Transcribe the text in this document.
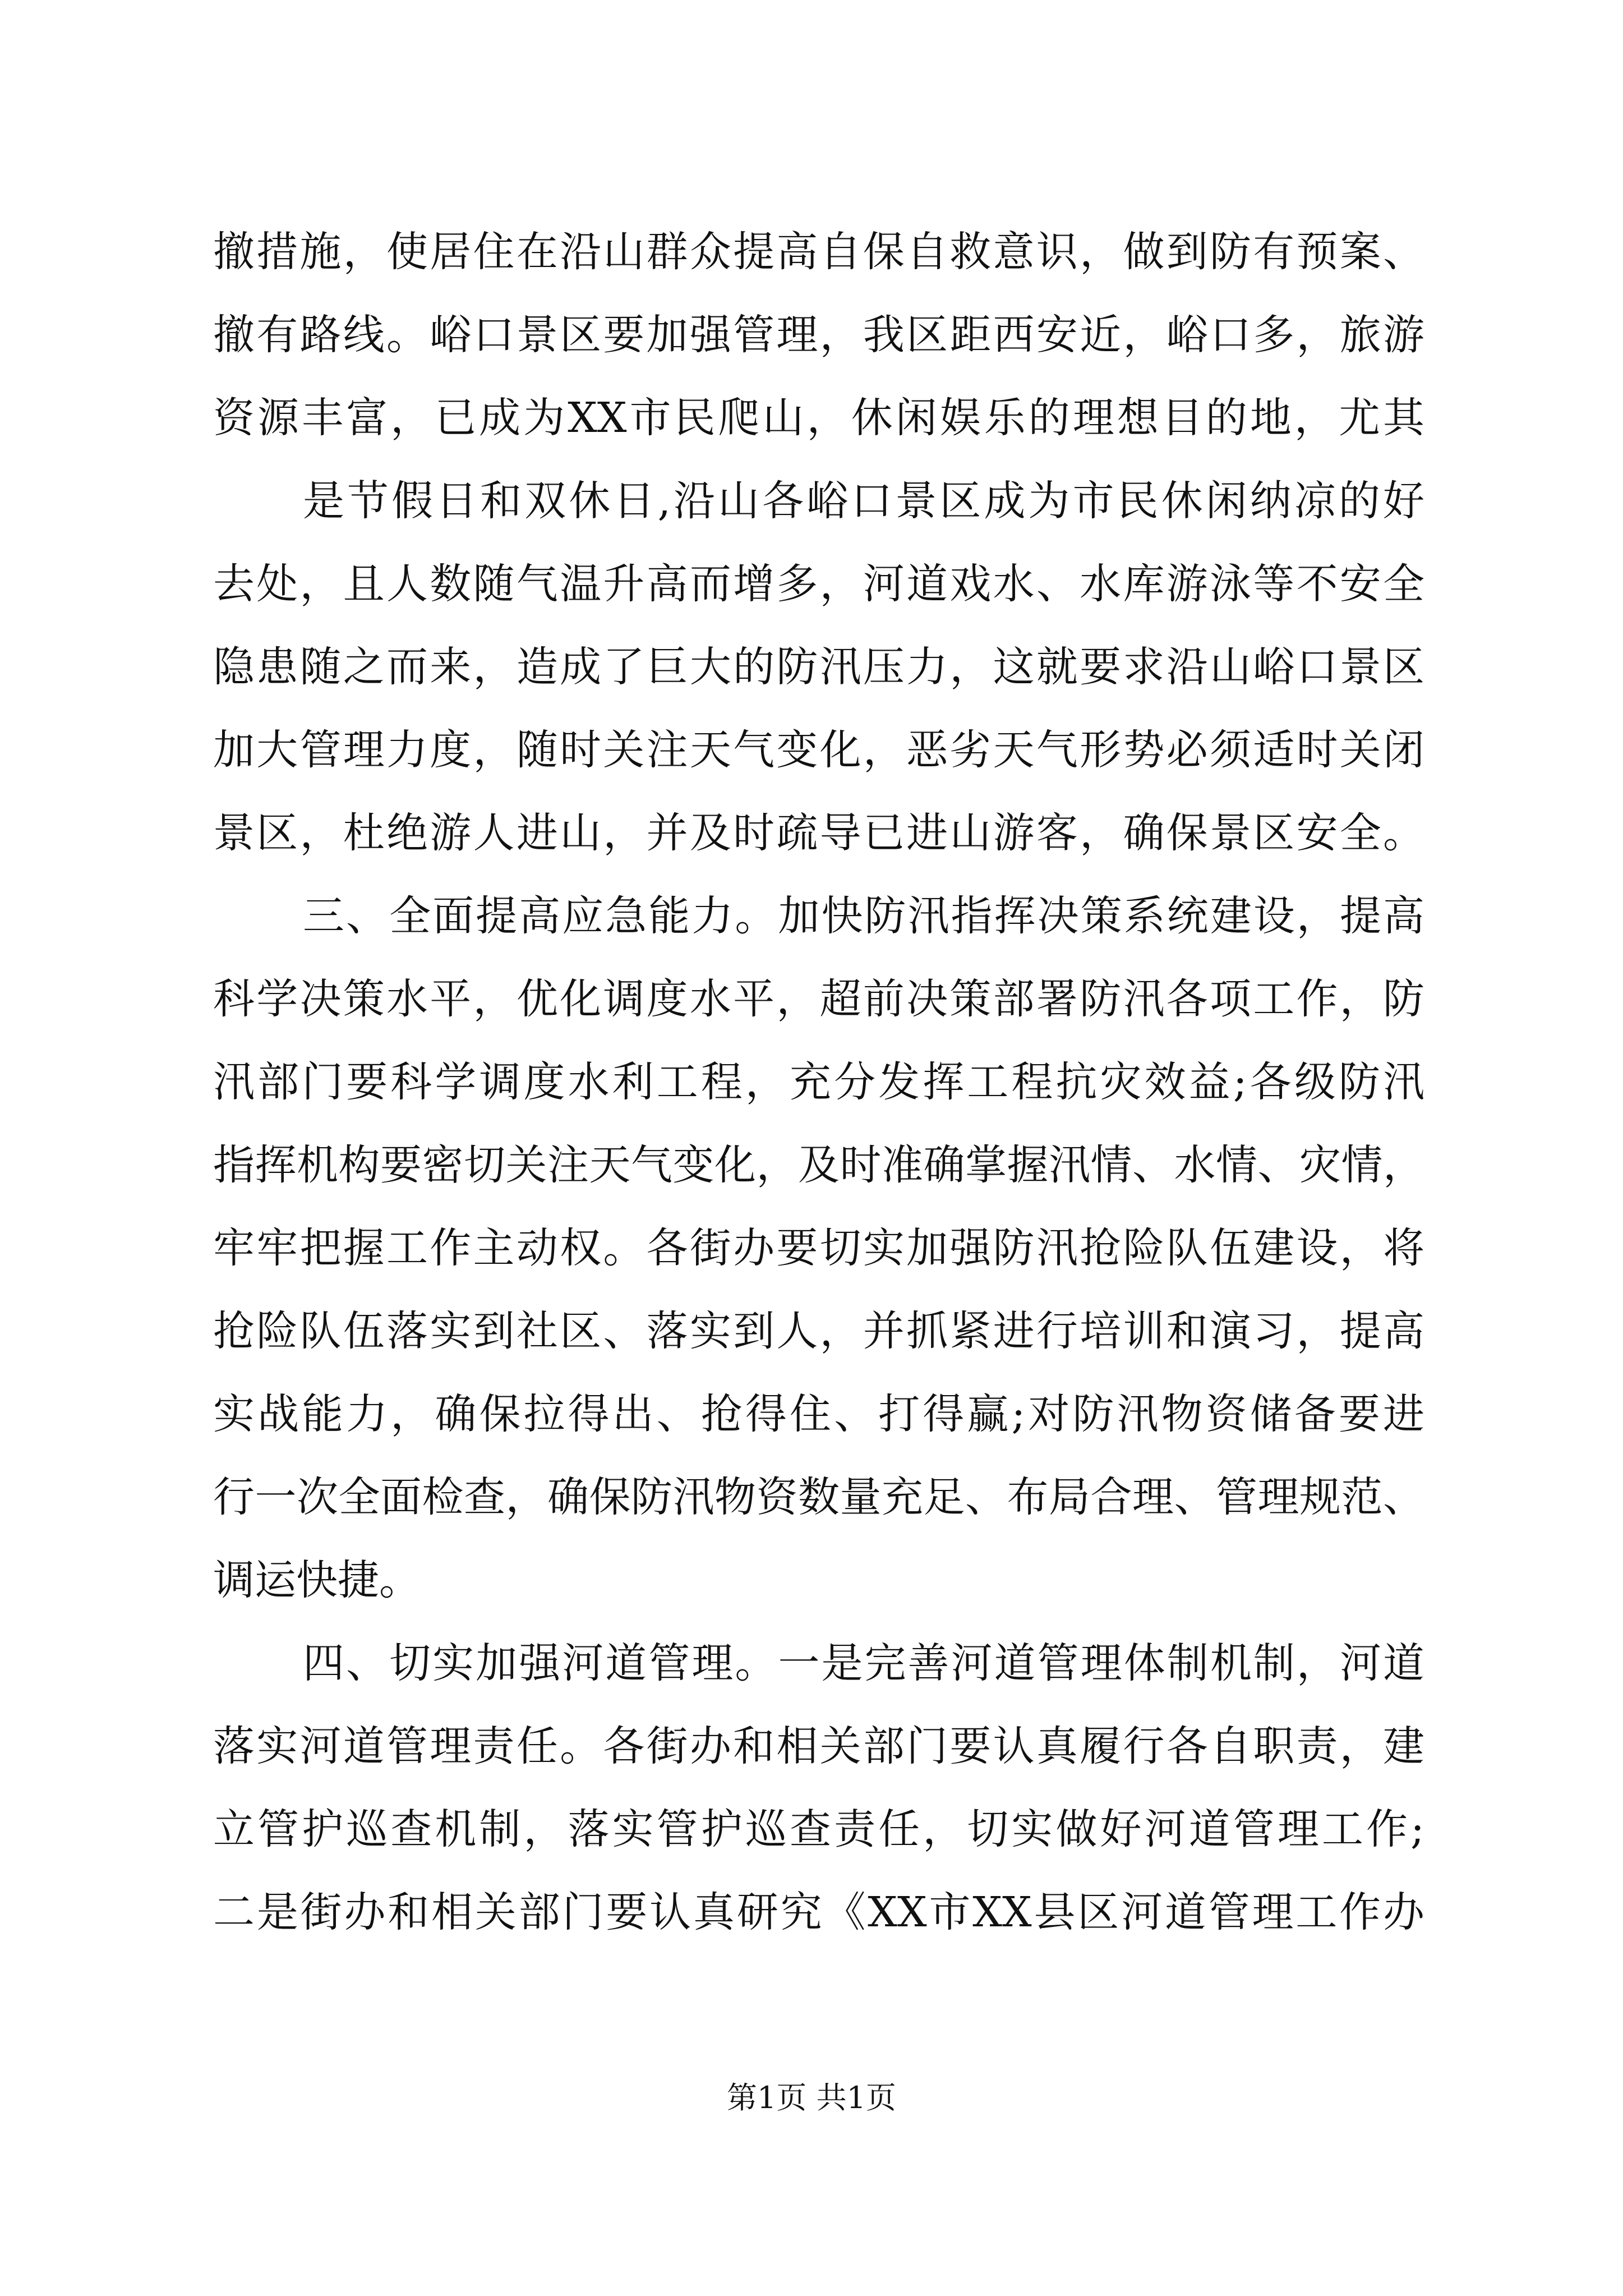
撤措施，使居住在沿山群众提高自保自救意识，做到防有预案、
撤有路线。峪口景区要加强管理，我区距西安近，峪口多，旅游
资源丰富，已成为XX市民爬山，休闲娱乐的理想目的地，尤其
是节假日和双休日,沿山各峪口景区成为市民休闲纳凉的好
去处，且人数随气温升高而增多，河道戏水、水库游泳等不安全
隐患随之而来，造成了巨大的防汛压力，这就要求沿山峪口景区
加大管理力度，随时关注天气变化，恶劣天气形势必须适时关闭
景区，杜绝游人进山，并及时疏导已进山游客，确保景区安全。
三、全面提高应急能力。加快防汛指挥决策系统建设，提高
科学决策水平，优化调度水平，超前决策部署防汛各项工作，防
汛部门要科学调度水利工程，充分发挥工程抗灾效益;各级防汛
指挥机构要密切关注天气变化，及时准确掌握汛情、水情、灾情，
牢牢把握工作主动权。各街办要切实加强防汛抢险队伍建设，将
抢险队伍落实到社区、落实到人，并抓紧进行培训和演习，提高
实战能力，确保拉得出、抢得住、打得赢;对防汛物资储备要进
行一次全面检查，确保防汛物资数量充足、布局合理、管理规范、
调运快捷。
四、切实加强河道管理。一是完善河道管理体制机制，河道
落实河道管理责任。各街办和相关部门要认真履行各自职责，建
立管护巡查机制，落实管护巡查责任，切实做好河道管理工作;
二是街办和相关部门要认真研究《XX市XX县区河道管理工作办
第1页 共1页
